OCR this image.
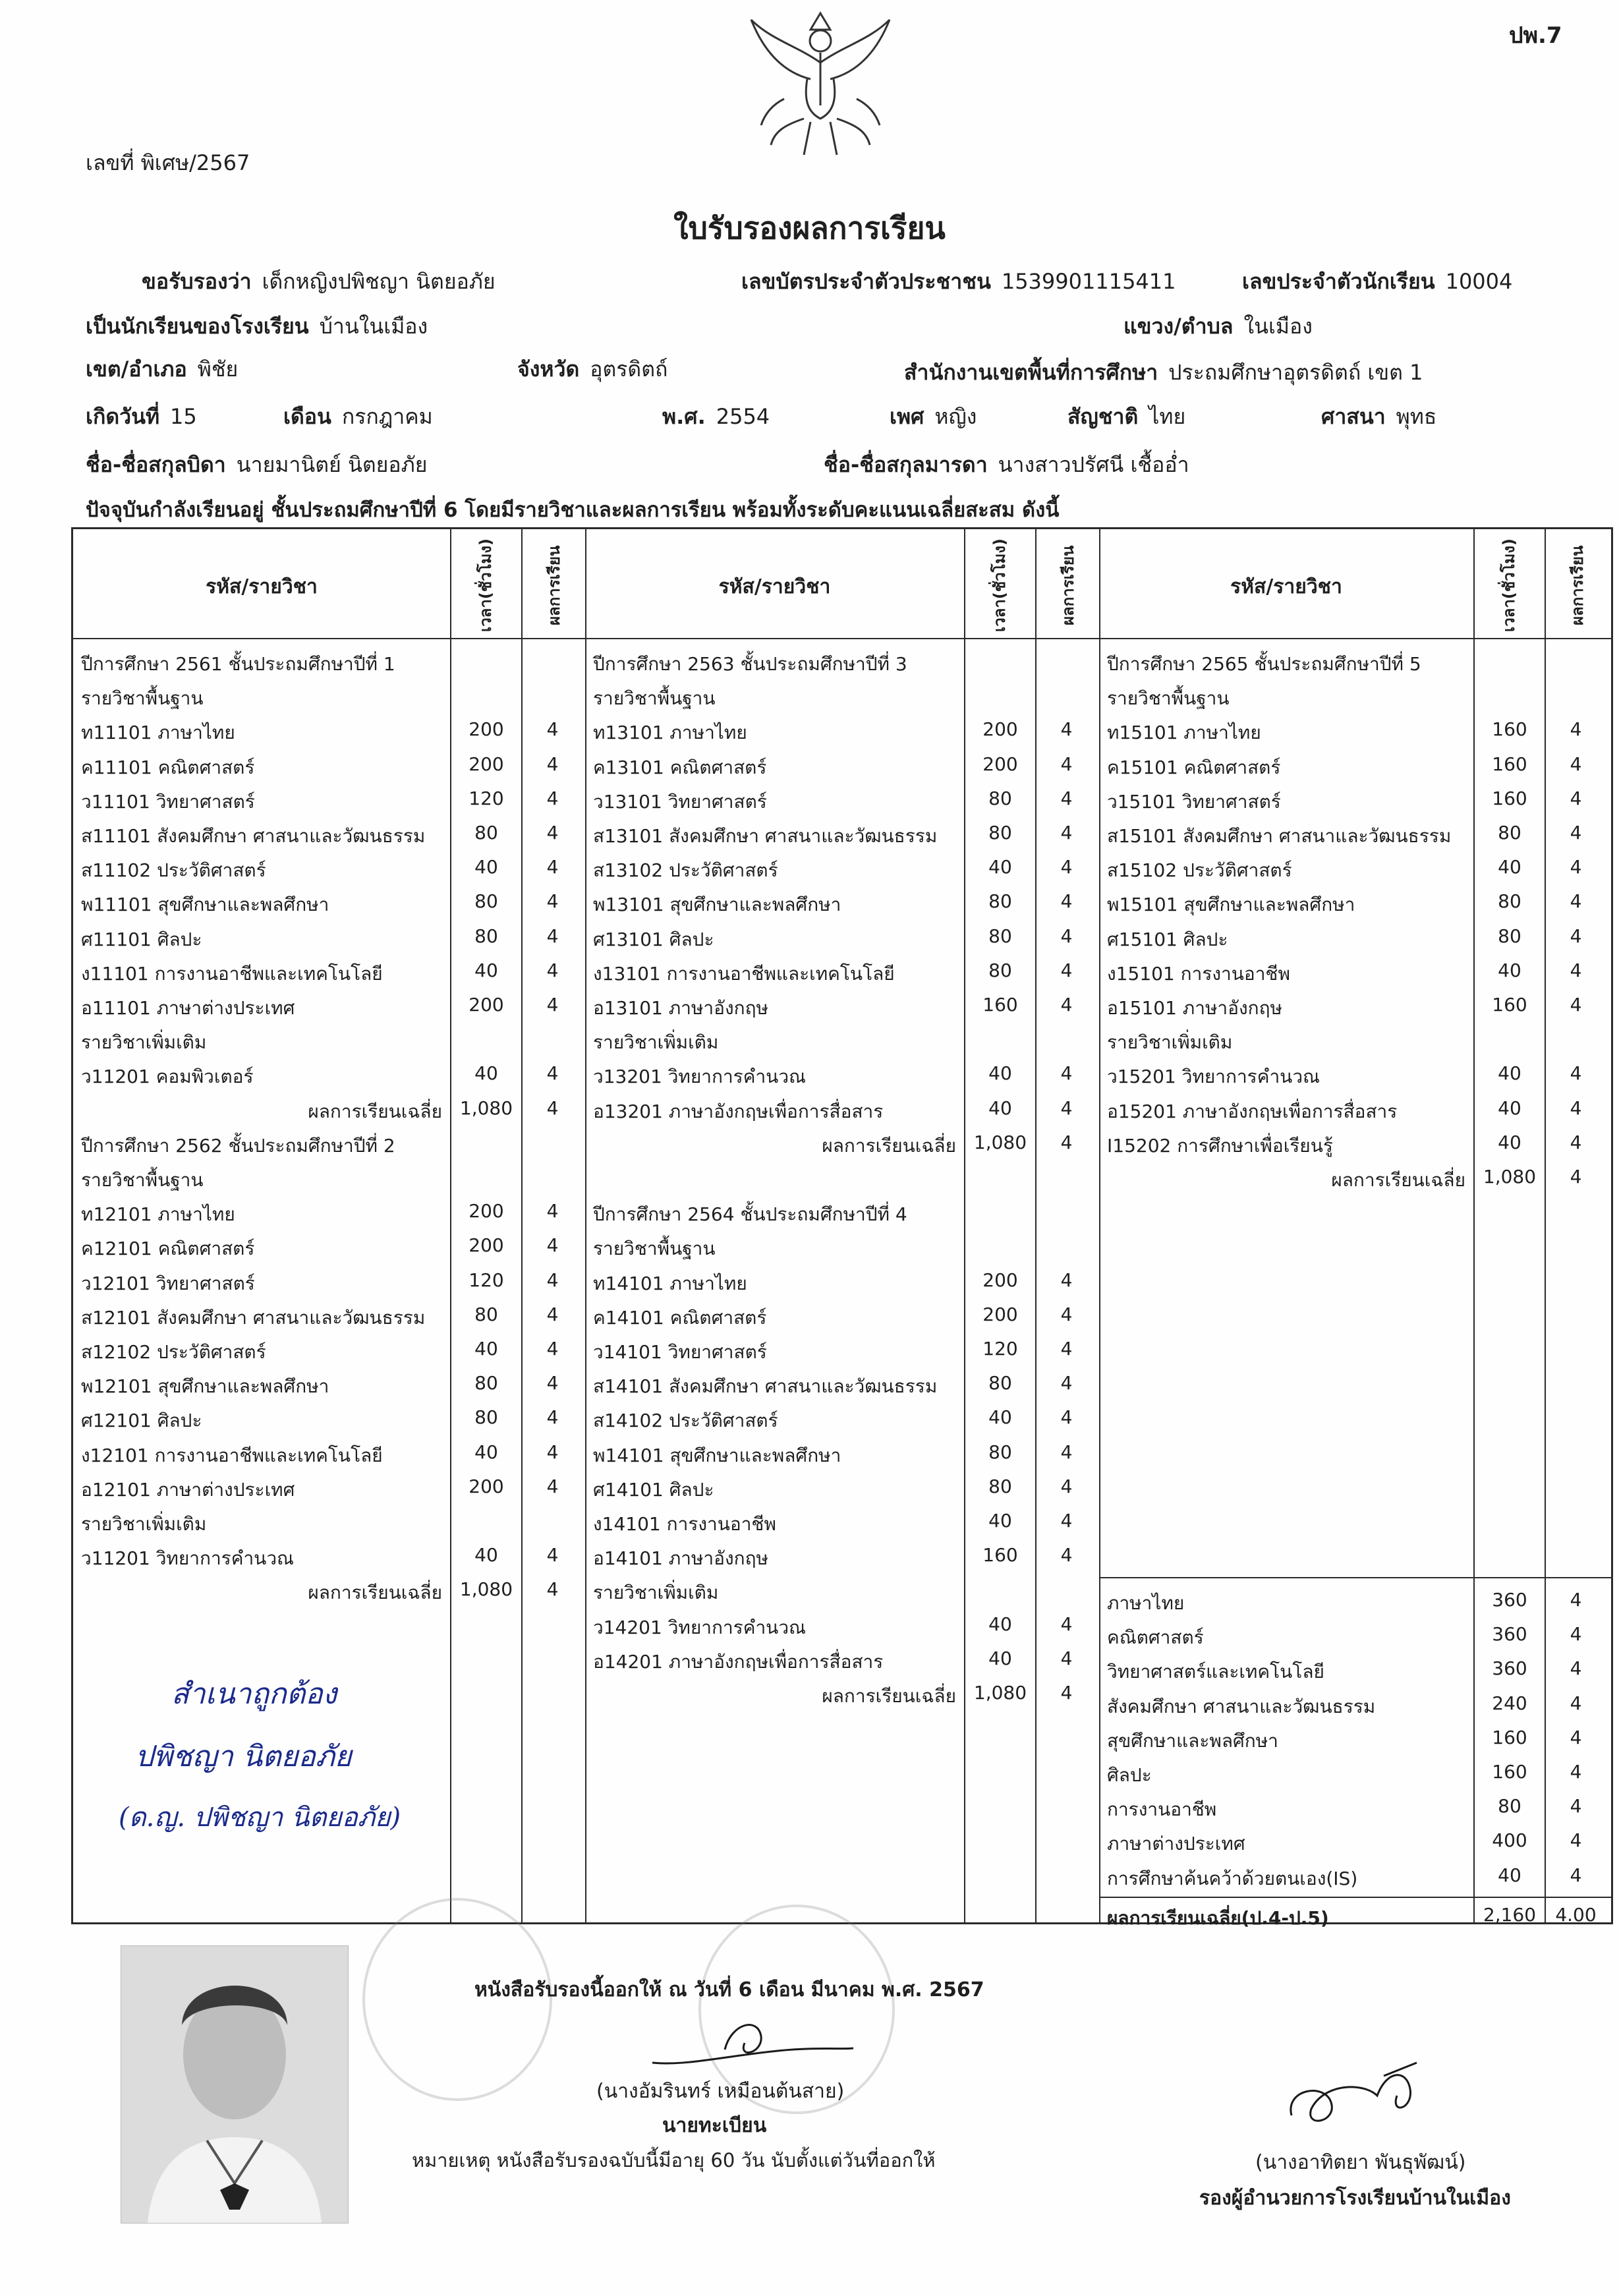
ปพ.7
เลขที่ พิเศษ/2567
ใบรับรองผลการเรียน
ขอรับรองว่า เด็กหญิงปพิชญา นิตยอภัย	เลขบัตรประจำตัวประชาชน 1539901115411	เลขประจำตัวนักเรียน 10004
เป็นนักเรียนของโรงเรียน บ้านในเมือง	แขวง/ตำบล ในเมือง
เขต/อำเภอ พิชัย	จังหวัด อุตรดิตถ์	สำนักงานเขตพื้นที่การศึกษา ประถมศึกษาอุตรดิตถ์ เขต 1
เกิดวันที่ 15	เดือน กรกฎาคม	พ.ศ. 2554	เพศ หญิง	สัญชาติ ไทย	ศาสนา พุทธ
ชื่อ-ชื่อสกุลบิดา นายมานิตย์ นิตยอภัย	ชื่อ-ชื่อสกุลมารดา นางสาวปรัศนี เชื้ออ่ำ
ปัจจุบันกำลังเรียนอยู่ ชั้นประถมศึกษาปีที่ 6 โดยมีรายวิชาและผลการเรียน พร้อมทั้งระดับคะแนนเฉลี่ยสะสม ดังนี้
รหัส/รายวิชา	เวลา(ชั่วโมง)	ผลการเรียน	รหัส/รายวิชา	เวลา(ชั่วโมง)	ผลการเรียน	รหัส/รายวิชา	เวลา(ชั่วโมง)	ผลการเรียน
ปีการศึกษา 2561 ชั้นประถมศึกษาปีที่ 1
รายวิชาพื้นฐาน
ท11101 ภาษาไทย	200	4
ค11101 คณิตศาสตร์	200	4
ว11101 วิทยาศาสตร์	120	4
ส11101 สังคมศึกษา ศาสนาและวัฒนธรรม	80	4
ส11102 ประวัติศาสตร์	40	4
พ11101 สุขศึกษาและพลศึกษา	80	4
ศ11101 ศิลปะ	80	4
ง11101 การงานอาชีพและเทคโนโลยี	40	4
อ11101 ภาษาต่างประเทศ	200	4
รายวิชาเพิ่มเติม
ว11201 คอมพิวเตอร์	40	4
ผลการเรียนเฉลี่ย 1,080	4
ปีการศึกษา 2562 ชั้นประถมศึกษาปีที่ 2
รายวิชาพื้นฐาน
ท12101 ภาษาไทย	200	4
ค12101 คณิตศาสตร์	200	4
ว12101 วิทยาศาสตร์	120	4
ส12101 สังคมศึกษา ศาสนาและวัฒนธรรม	80	4
ส12102 ประวัติศาสตร์	40	4
พ12101 สุขศึกษาและพลศึกษา	80	4
ศ12101 ศิลปะ	80	4
ง12101 การงานอาชีพและเทคโนโลยี	40	4
อ12101 ภาษาต่างประเทศ	200	4
รายวิชาเพิ่มเติม
ว11201 วิทยาการคำนวณ	40	4
ผลการเรียนเฉลี่ย 1,080	4
ปีการศึกษา 2563 ชั้นประถมศึกษาปีที่ 3
รายวิชาพื้นฐาน
ท13101 ภาษาไทย	200	4
ค13101 คณิตศาสตร์	200	4
ว13101 วิทยาศาสตร์	80	4
ส13101 สังคมศึกษา ศาสนาและวัฒนธรรม	80	4
ส13102 ประวัติศาสตร์	40	4
พ13101 สุขศึกษาและพลศึกษา	80	4
ศ13101 ศิลปะ	80	4
ง13101 การงานอาชีพและเทคโนโลยี	80	4
อ13101 ภาษาอังกฤษ	160	4
รายวิชาเพิ่มเติม
ว13201 วิทยาการคำนวณ	40	4
อ13201 ภาษาอังกฤษเพื่อการสื่อสาร	40	4
ผลการเรียนเฉลี่ย 1,080	4
ปีการศึกษา 2564 ชั้นประถมศึกษาปีที่ 4
รายวิชาพื้นฐาน
ท14101 ภาษาไทย	200	4
ค14101 คณิตศาสตร์	200	4
ว14101 วิทยาศาสตร์	120	4
ส14101 สังคมศึกษา ศาสนาและวัฒนธรรม	80	4
ส14102 ประวัติศาสตร์	40	4
พ14101 สุขศึกษาและพลศึกษา	80	4
ศ14101 ศิลปะ	80	4
ง14101 การงานอาชีพ	40	4
อ14101 ภาษาอังกฤษ	160	4
รายวิชาเพิ่มเติม
ว14201 วิทยาการคำนวณ	40	4
อ14201 ภาษาอังกฤษเพื่อการสื่อสาร	40	4
ผลการเรียนเฉลี่ย 1,080	4
ปีการศึกษา 2565 ชั้นประถมศึกษาปีที่ 5
รายวิชาพื้นฐาน
ท15101 ภาษาไทย	160	4
ค15101 คณิตศาสตร์	160	4
ว15101 วิทยาศาสตร์	160	4
ส15101 สังคมศึกษา ศาสนาและวัฒนธรรม	80	4
ส15102 ประวัติศาสตร์	40	4
พ15101 สุขศึกษาและพลศึกษา	80	4
ศ15101 ศิลปะ	80	4
ง15101 การงานอาชีพ	40	4
อ15101 ภาษาอังกฤษ	160	4
รายวิชาเพิ่มเติม
ว15201 วิทยาการคำนวณ	40	4
อ15201 ภาษาอังกฤษเพื่อการสื่อสาร	40	4
I15202 การศึกษาเพื่อเรียนรู้	40	4
ผลการเรียนเฉลี่ย 1,080	4
ภาษาไทย	360	4
คณิตศาสตร์	360	4
วิทยาศาสตร์และเทคโนโลยี	360	4
สังคมศึกษา ศาสนาและวัฒนธรรม	240	4
สุขศึกษาและพลศึกษา	160	4
ศิลปะ	160	4
การงานอาชีพ	80	4
ภาษาต่างประเทศ	400	4
การศึกษาค้นคว้าด้วยตนเอง(IS)	40	4
ผลการเรียนเฉลี่ย(ป.4-ป.5)	2,160	4.00
สำเนาถูกต้อง
ปพิชญา นิตยอภัย
(ด.ญ. ปพิชญา นิตยอภัย)
หนังสือรับรองนี้ออกให้ ณ วันที่ 6 เดือน มีนาคม พ.ศ. 2567
(นางอัมรินทร์ เหมือนต้นสาย)
นายทะเบียน
หมายเหตุ หนังสือรับรองฉบับนี้มีอายุ 60 วัน นับตั้งแต่วันที่ออกให้	(นางอาทิตยา พันธุพัฒน์)
รองผู้อำนวยการโรงเรียนบ้านในเมือง
